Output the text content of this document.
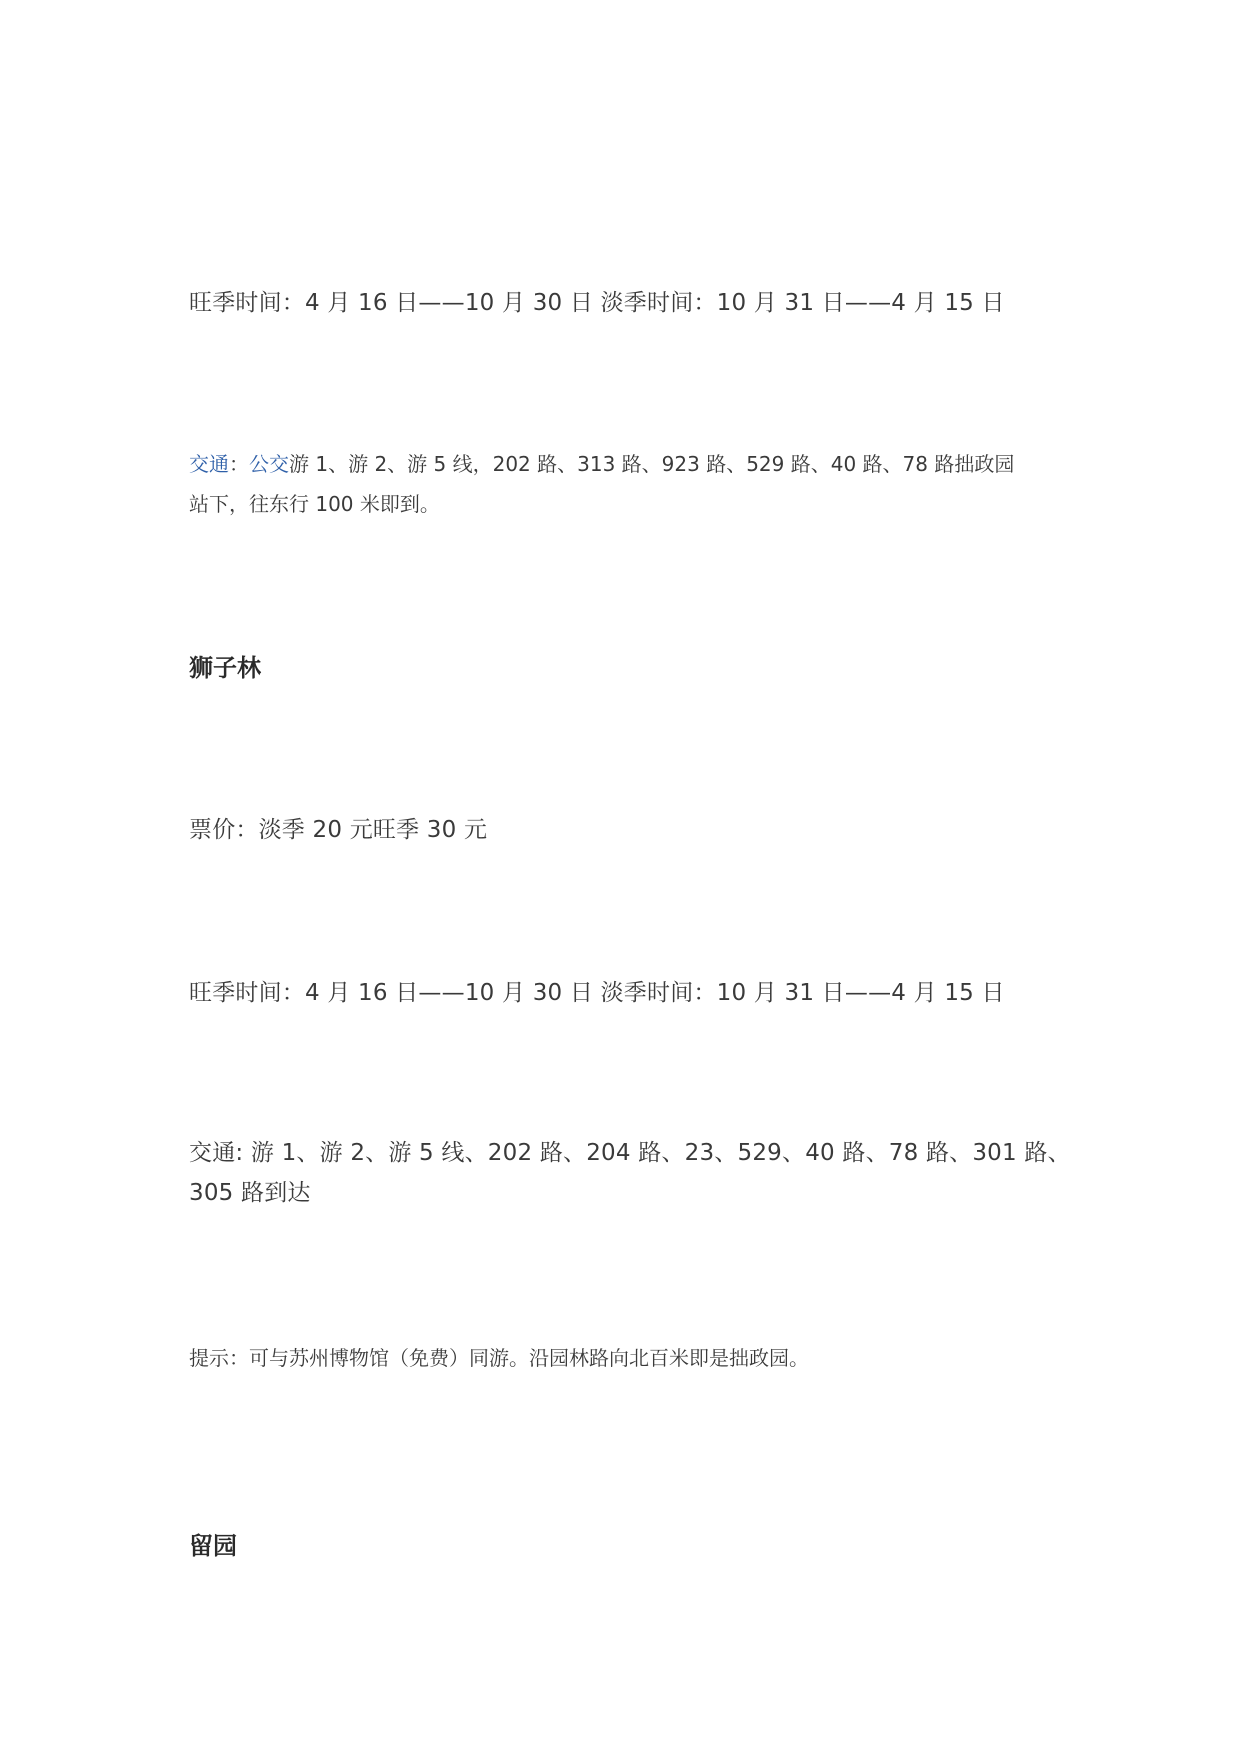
旺季时间：4 月 16 日——10 月 30 日 淡季时间：10 月 31 日——4 月 15 日
交通：公交游 1、游 2、游 5 线，202 路、313 路、923 路、529 路、40 路、78 路拙政园
站下，往东行 100 米即到。
狮子林
票价：淡季 20 元旺季 30 元
旺季时间：4 月 16 日——10 月 30 日 淡季时间：10 月 31 日——4 月 15 日
交通: 游 1、游 2、游 5 线、202 路、204 路、23、529、40 路、78 路、301 路、
305 路到达
提示：可与苏州博物馆（免费）同游。沿园林路向北百米即是拙政园。
留园
